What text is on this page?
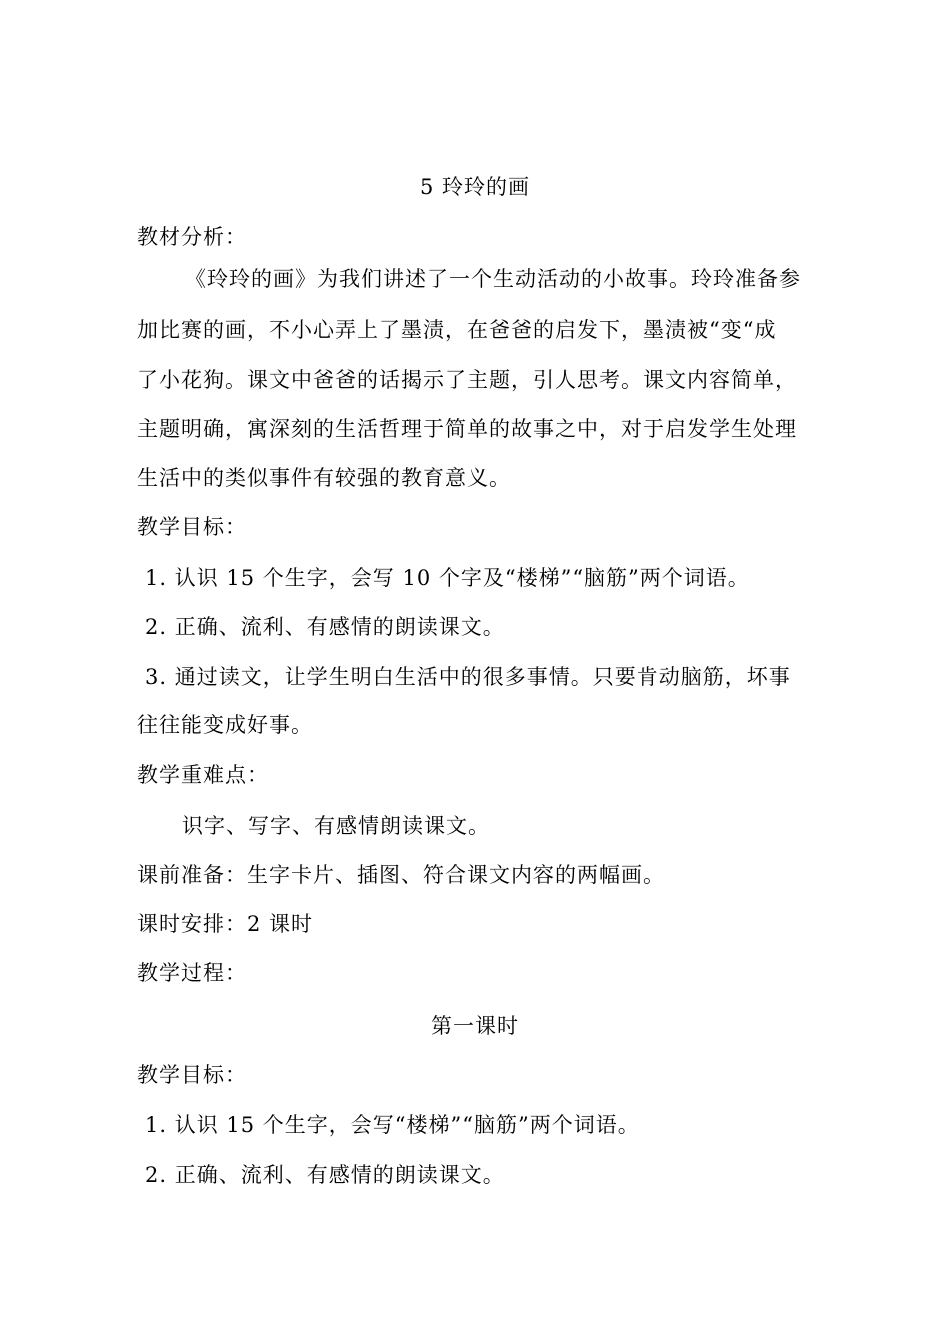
5 玲玲的画
教材分析：
《玲玲的画》为我们讲述了一个生动活动的小故事。玲玲准备参
加比赛的画，不小心弄上了墨渍，在爸爸的启发下，墨渍被“变“成
了小花狗。课文中爸爸的话揭示了主题，引人思考。课文内容简单，
主题明确，寓深刻的生活哲理于简单的故事之中，对于启发学生处理
生活中的类似事件有较强的教育意义。
教学目标：
1. 认识 15 个生字，会写 10 个字及“楼梯”“脑筋”两个词语。
2. 正确、流利、有感情的朗读课文。
3. 通过读文，让学生明白生活中的很多事情。只要肯动脑筋，坏事
往往能变成好事。
教学重难点：
识字、写字、有感情朗读课文。
课前准备：生字卡片、插图、符合课文内容的两幅画。
课时安排：2 课时
教学过程：
第一课时
教学目标：
1. 认识 15 个生字，会写“楼梯”“脑筋”两个词语。
2. 正确、流利、有感情的朗读课文。
